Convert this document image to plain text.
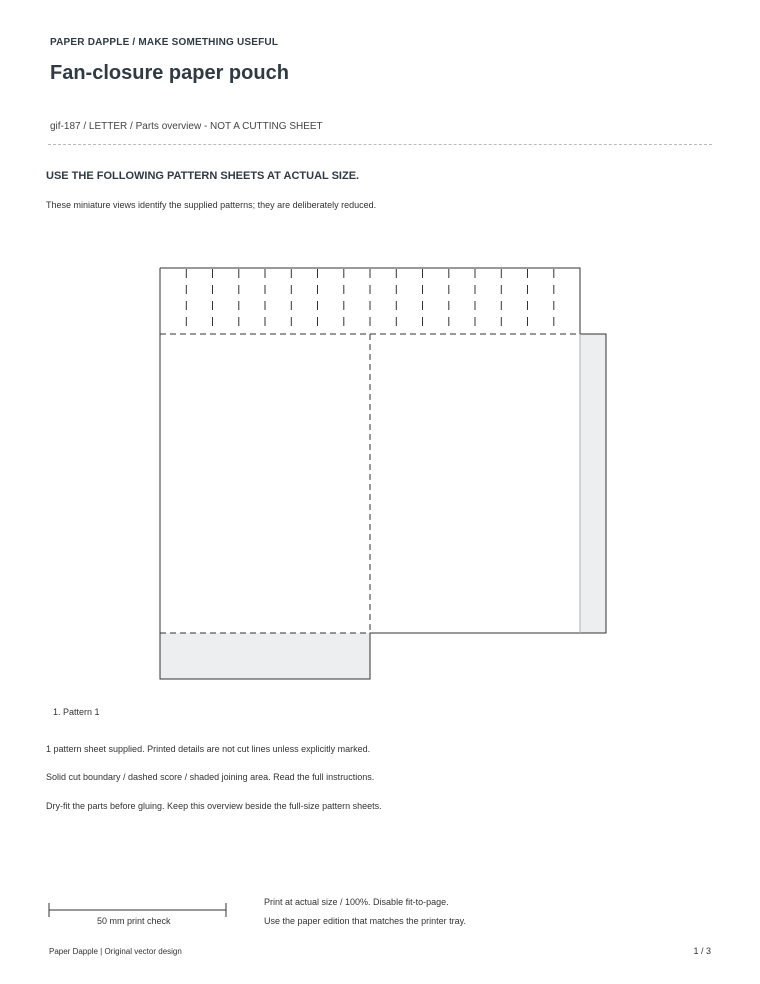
PAPER DAPPLE / MAKE SOMETHING USEFUL
Fan-closure paper pouch
gif-187 / LETTER / Parts overview - NOT A CUTTING SHEET
USE THE FOLLOWING PATTERN SHEETS AT ACTUAL SIZE.
These miniature views identify the supplied patterns; they are deliberately reduced.
1. Pattern 1
1 pattern sheet supplied. Printed details are not cut lines unless explicitly marked.
Solid cut boundary / dashed score / shaded joining area. Read the full instructions.
Dry-fit the parts before gluing. Keep this overview beside the full-size pattern sheets.
50 mm print check
Print at actual size / 100%. Disable fit-to-page.
Use the paper edition that matches the printer tray.
Paper Dapple | Original vector design	1 / 3
